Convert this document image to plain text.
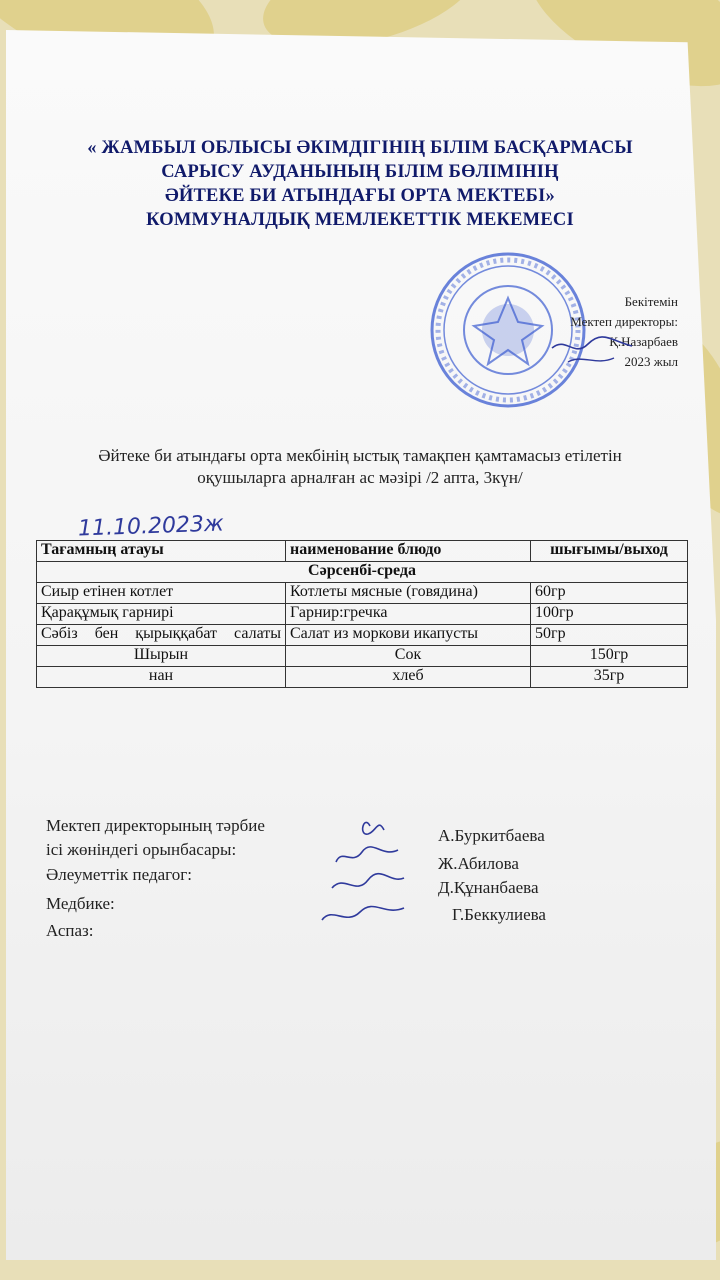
« ЖАМБЫЛ ОБЛЫСЫ ӘКІМДІГІНІҢ БІЛІМ БАСҚАРМАСЫ
САРЫСУ АУДАНЫНЫҢ БІЛІМ БӨЛІМІНІҢ
ӘЙТЕКЕ БИ АТЫНДАҒЫ ОРТА МЕКТЕБІ»
КОММУНАЛДЫҚ МЕМЛЕКЕТТІК МЕКЕМЕСІ
Бекітемін
Мектеп директоры:
Қ.Назарбаев
2023 жыл
Әйтеке би атындағы орта мекбінің ыстық тамақпен қамтамасыз етілетін
оқушыларга арналған ас мәзірі /2 апта, 3күн/
11.10.2023ж
Тағамның атауы	наименование блюдо	шығымы/выход
Сәрсенбі-среда		
Сиыр етінен котлет	Котлеты мясные (говядина)	60гр
Қарақұмық гарнирі	Гарнир:гречка	100гр
Сәбіз бен қырыққабат салаты	Салат из моркови икапусты	50гр
Шырын	Сок	150гр
нан	хлеб	35гр
Мектеп директорының тәрбие
ісі жөніндегі орынбасары:
Әлеуметтік педагог:
Медбике:
Аспаз:
А.Буркитбаева
Ж.Абилова
Д.Құнанбаева
Г.Беккулиева
